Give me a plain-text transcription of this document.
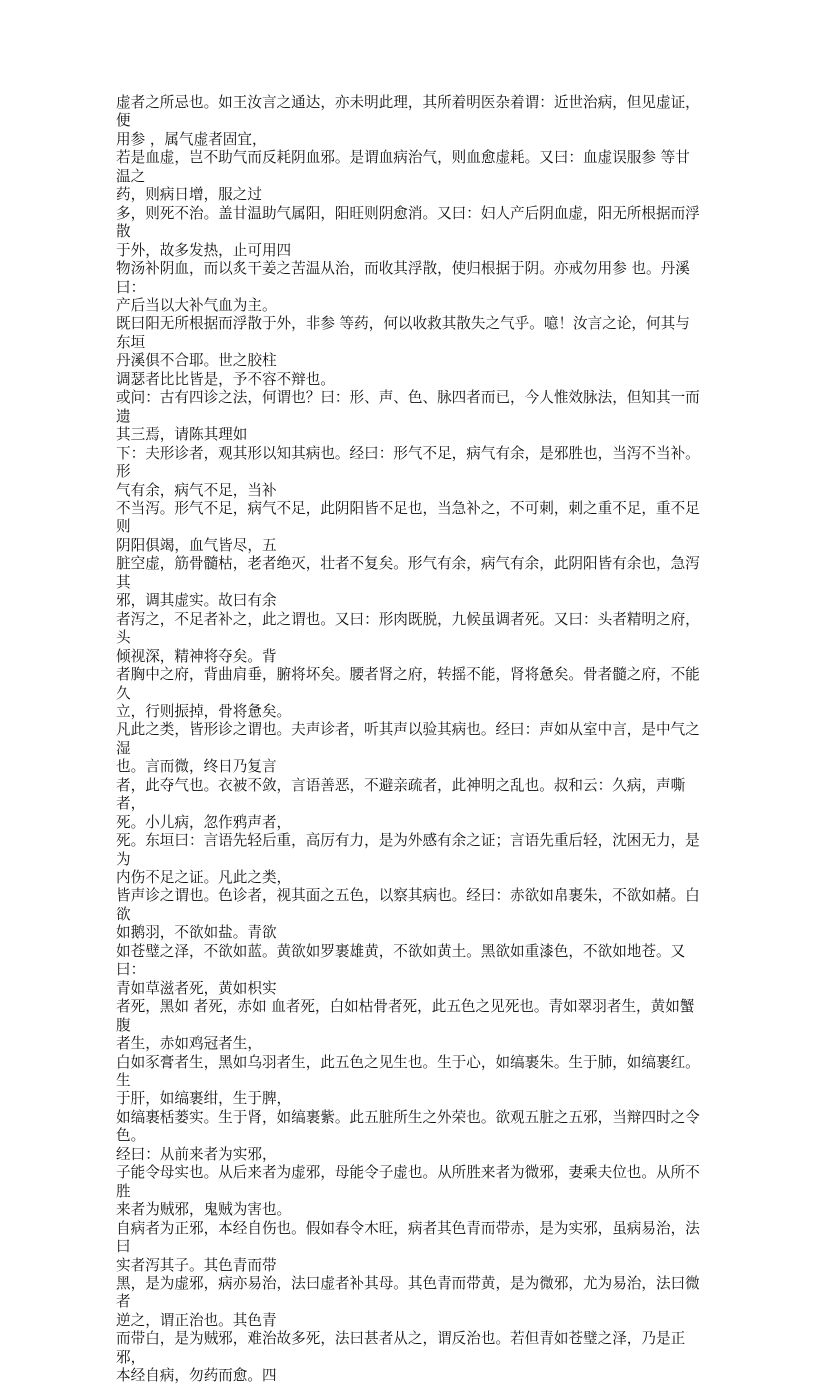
虚者之所忌也。如王汝言之通达，亦未明此理，其所着明医杂着谓：近世治病，但见虚证，便

用参 ，属气虚者固宜，

若是血虚，岂不助气而反耗阴血邪。是谓血病治气，则血愈虚耗。又曰：血虚误服参 等甘温之

药，则病日增，服之过

多，则死不治。盖甘温助气属阳，阳旺则阴愈消。又曰：妇人产后阴血虚，阳无所根据而浮散

于外，故多发热，止可用四

物汤补阴血，而以炙干姜之苦温从治，而收其浮散，使归根据于阴。亦戒勿用参 也。丹溪曰：

产后当以大补气血为主。

既曰阳无所根据而浮散于外，非参 等药，何以收救其散失之气乎。噫！汝言之论，何其与东垣

丹溪俱不合耶。世之胶柱

调瑟者比比皆是，予不容不辩也。

或问：古有四诊之法，何谓也？曰：形、声、色、脉四者而已，今人惟效脉法，但知其一而遗

其三焉，请陈其理如

下：夫形诊者，观其形以知其病也。经曰：形气不足，病气有余，是邪胜也，当泻不当补。形

气有余，病气不足，当补

不当泻。形气不足，病气不足，此阴阳皆不足也，当急补之，不可刺，刺之重不足，重不足则

阴阳俱竭，血气皆尽，五

脏空虚，筋骨髓枯，老者绝灭，壮者不复矣。形气有余，病气有余，此阴阳皆有余也，急泻其

邪，调其虚实。故曰有余

者泻之，不足者补之，此之谓也。又曰：形肉既脱，九候虽调者死。又曰：头者精明之府，头

倾视深，精神将夺矣。背

者胸中之府，背曲肩垂，腑将坏矣。腰者肾之府，转摇不能，肾将惫矣。骨者髓之府，不能久

立，行则振掉，骨将惫矣。

凡此之类，皆形诊之谓也。夫声诊者，听其声以验其病也。经曰：声如从室中言，是中气之湿

也。言而微，终日乃复言

者，此夺气也。衣被不敛，言语善恶，不避亲疏者，此神明之乱也。叔和云：久病，声嘶者，

死。小儿病，忽作鸦声者，

死。东垣曰：言语先轻后重，高厉有力，是为外感有余之证；言语先重后轻，沈困无力，是为

内伤不足之证。凡此之类，

皆声诊之谓也。色诊者，视其面之五色，以察其病也。经曰：赤欲如帛裹朱，不欲如赭。白欲

如鹅羽，不欲如盐。青欲

如苍璧之泽，不欲如蓝。黄欲如罗裹雄黄，不欲如黄土。黑欲如重漆色，不欲如地苍。又曰：

青如草滋者死，黄如枳实

者死，黑如 者死，赤如 血者死，白如枯骨者死，此五色之见死也。青如翠羽者生，黄如蟹腹

者生，赤如鸡冠者生，

白如豕膏者生，黑如乌羽者生，此五色之见生也。生于心，如缟裹朱。生于肺，如缟裹红。生

于肝，如缟裹绀，生于脾，

如缟裹栝蒌实。生于肾，如缟裹紫。此五脏所生之外荣也。欲观五脏之五邪，当辩四时之令色。

经曰：从前来者为实邪，

子能令母实也。从后来者为虚邪，母能令子虚也。从所胜来者为微邪，妻乘夫位也。从所不胜

来者为贼邪，鬼贼为害也。

自病者为正邪，本经自伤也。假如春令木旺，病者其色青而带赤，是为实邪，虽病易治，法曰

实者泻其子。其色青而带

黑，是为虚邪，病亦易治，法曰虚者补其母。其色青而带黄，是为微邪，尤为易治，法曰微者

逆之，谓正治也。其色青

而带白，是为贼邪，难治故多死，法曰甚者从之，谓反治也。若但青如苍璧之泽，乃是正邪，

本经自病，勿药而愈。四
